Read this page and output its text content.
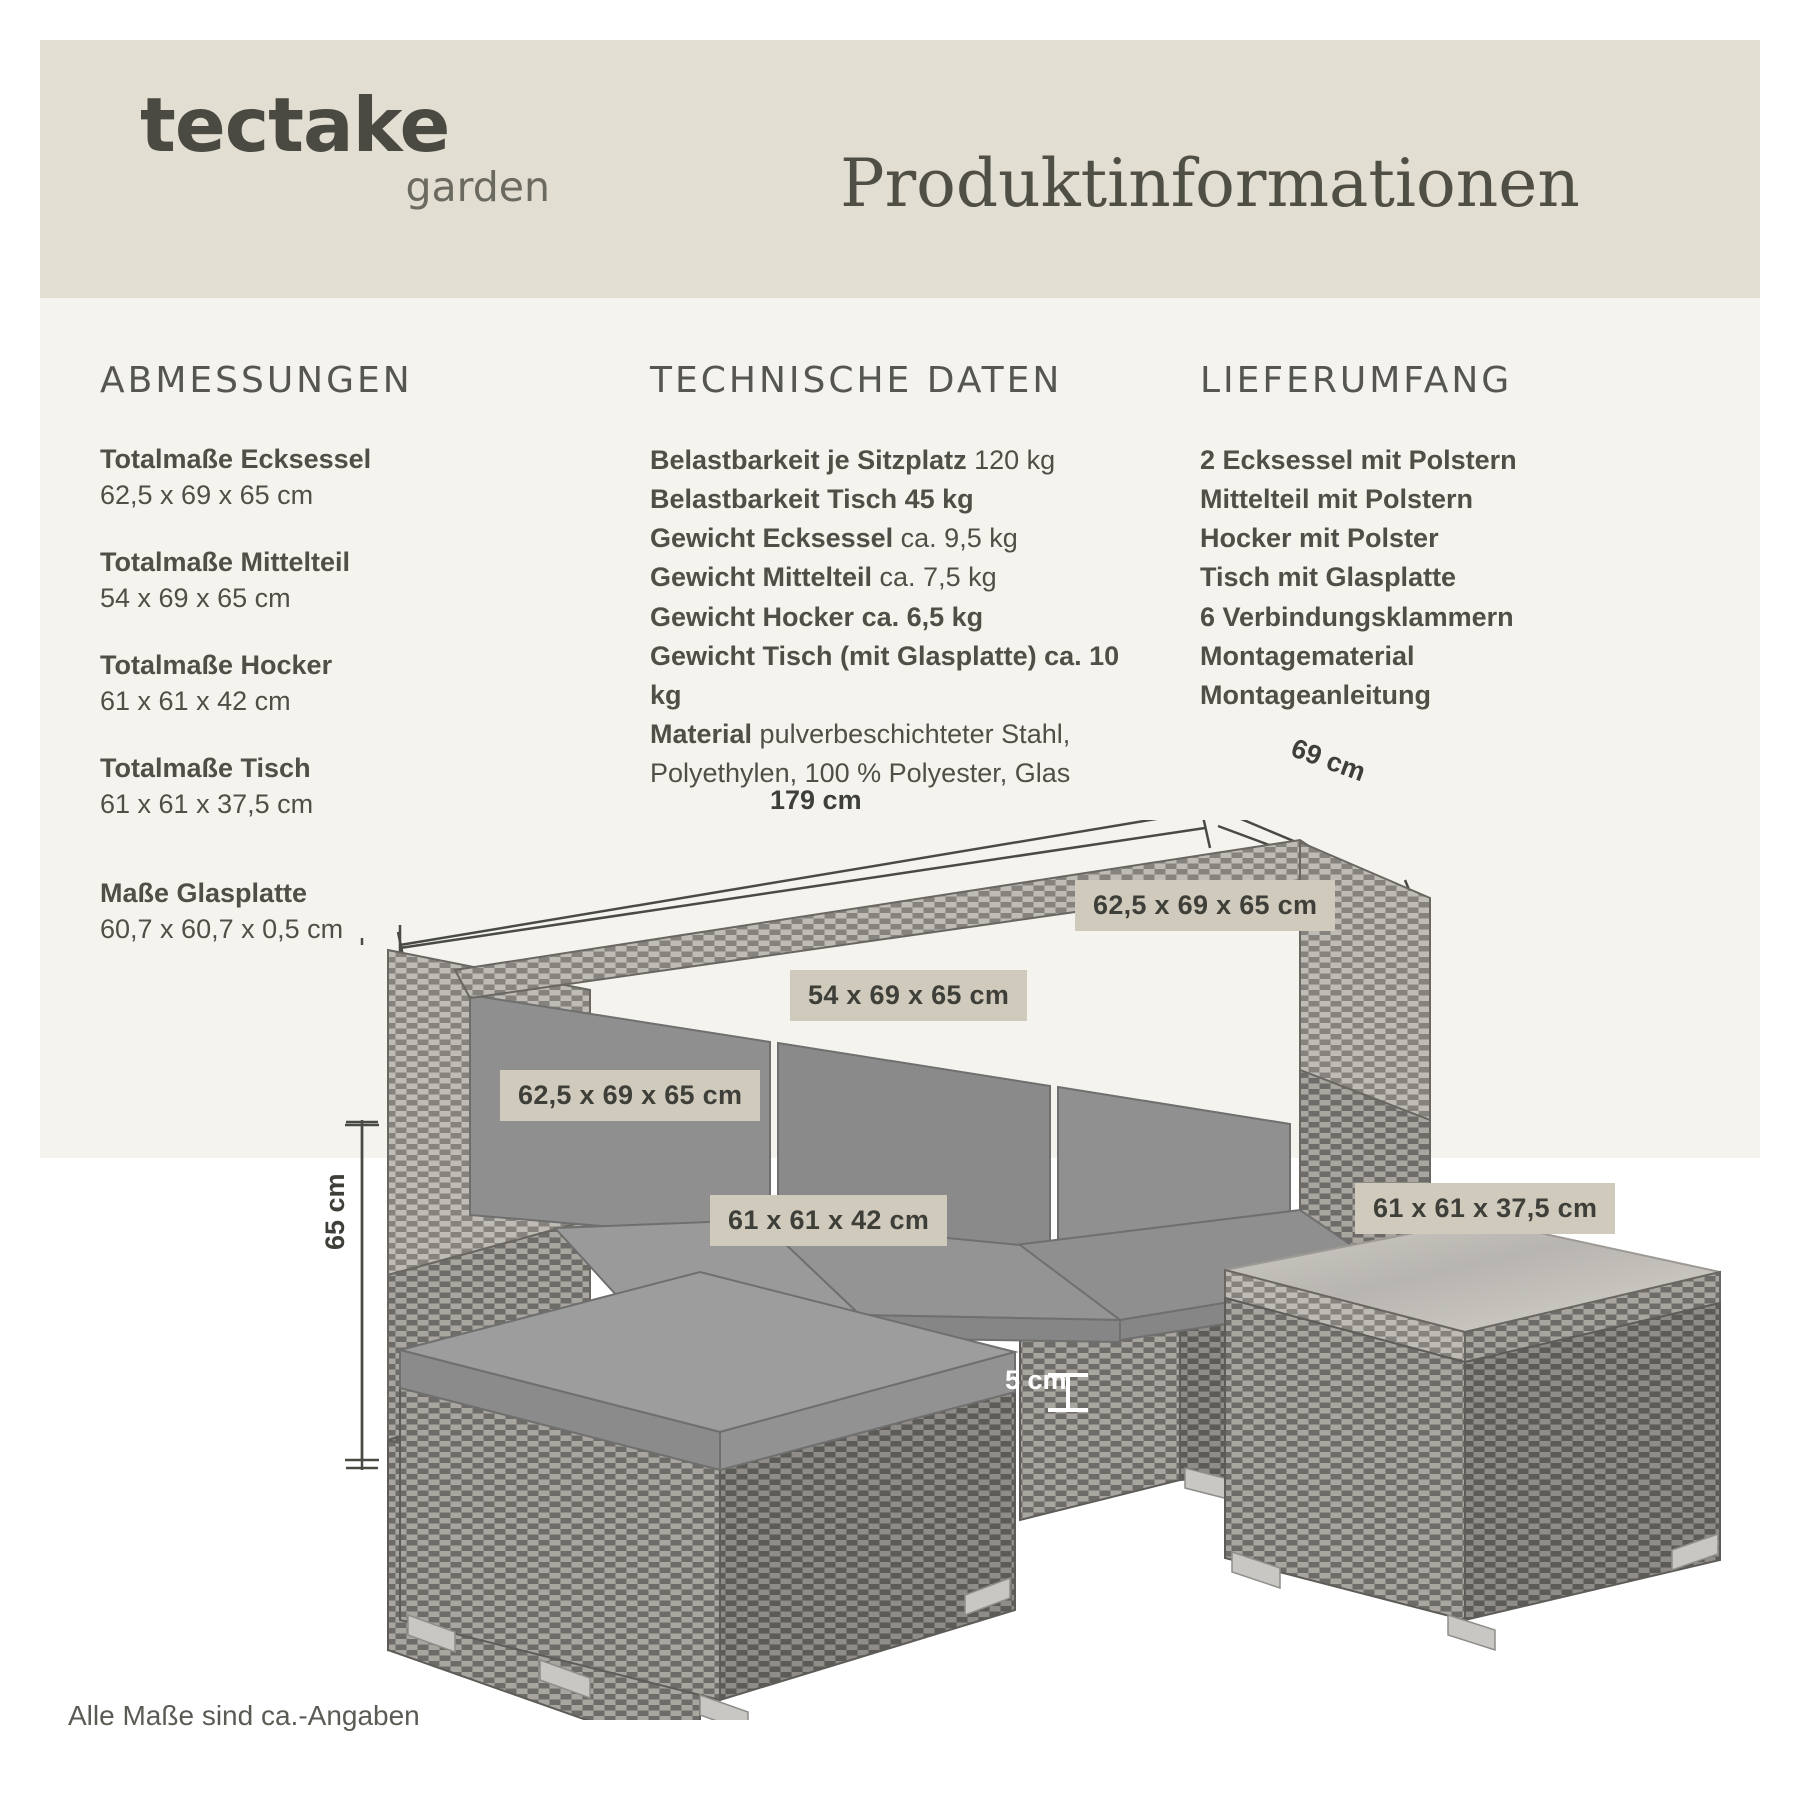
tectake
garden	Produktinformationen
ABMESSUNGEN
Totalmaße Ecksessel
62,5 x 69 x 65 cm
Totalmaße Mittelteil
54 x 69 x 65 cm
Totalmaße Hocker
61 x 61 x 42 cm
Totalmaße Tisch
61 x 61 x 37,5 cm
Maße Glasplatte
60,7 x 60,7 x 0,5 cm
TECHNISCHE DATEN
Belastbarkeit je Sitzplatz 120 kg
Belastbarkeit Tisch 45 kg
Gewicht Ecksessel ca. 9,5 kg
Gewicht Mittelteil ca. 7,5 kg
Gewicht Hocker ca. 6,5 kg
Gewicht Tisch (mit Glasplatte) ca. 10 kg
Material pulverbeschichteter Stahl, Polyethylen, 100 % Polyester, Glas
LIEFERUMFANG
2 Ecksessel mit Polstern
Mittelteil mit Polstern
Hocker mit Polster
Tisch mit Glasplatte
6 Verbindungsklammern
Montagematerial
Montageanleitung
179 cm
69 cm
65 cm
5 cm
62,5 x 69 x 65 cm
54 x 69 x 65 cm
62,5 x 69 x 65 cm
61 x 61 x 42 cm	61 x 61 x 37,5 cm
Alle Maße sind ca.-Angaben
